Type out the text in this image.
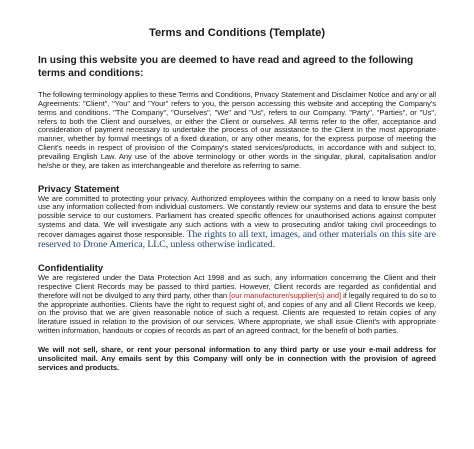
Terms and Conditions (Template)
In using this website you are deemed to have read and agreed to the following terms and conditions:

The following terminology applies to these Terms and Conditions, Privacy Statement and Disclaimer Notice and any or all Agreements: "Client", "You" and "Your" refers to you, the person accessing this website and accepting the Company's terms and conditions. "The Company", "Ourselves", "We" and "Us", refers to our Company. "Party", "Parties", or "Us", refers to both the Client and ourselves, or either the Client or ourselves. All terms refer to the offer, acceptance and consideration of payment necessary to undertake the process of our assistance to the Client in the most appropriate manner, whether by formal meetings of a fixed duration, or any other means, for the express purpose of meeting the Client's needs in respect of provision of the Company's stated services/products, in accordance with and subject to, prevailing English Law. Any use of the above terminology or other words in the singular, plural, capitalisation and/or he/she or they, are taken as interchangeable and therefore as referring to same.

Privacy Statement

We are committed to protecting your privacy. Authorized employees within the company on a need to know basis only use any information collected from individual customers. We constantly review our systems and data to ensure the best possible service to our customers. Parliament has created specific offences for unauthorised actions against computer systems and data. We will investigate any such actions with a view to prosecuting and/or taking civil proceedings to recover damages against those responsible. The rights to all text, images, and other materials on this site are reserved to Drone America, LLC, unless otherwise indicated.

Confidentiality

We are registered under the Data Protection Act 1998 and as such, any information concerning the Client and their respective Client Records may be passed to third parties. However, Client records are regarded as confidential and therefore will not be divulged to any third party, other than [our manufacturer/supplier(s) and] if legally required to do so to the appropriate authorities. Clients have the right to request sight of, and copies of any and all Client Records we keep, on the proviso that we are given reasonable notice of such a request. Clients are requested to retain copies of any literature issued in relation to the provision of our services. Where appropriate, we shall issue Client's with appropriate written information, handouts or copies of records as part of an agreed contract, for the benefit of both parties.

We will not sell, share, or rent your personal information to any third party or use your e-mail address for unsolicited mail. Any emails sent by this Company will only be in connection with the provision of agreed services and products.
